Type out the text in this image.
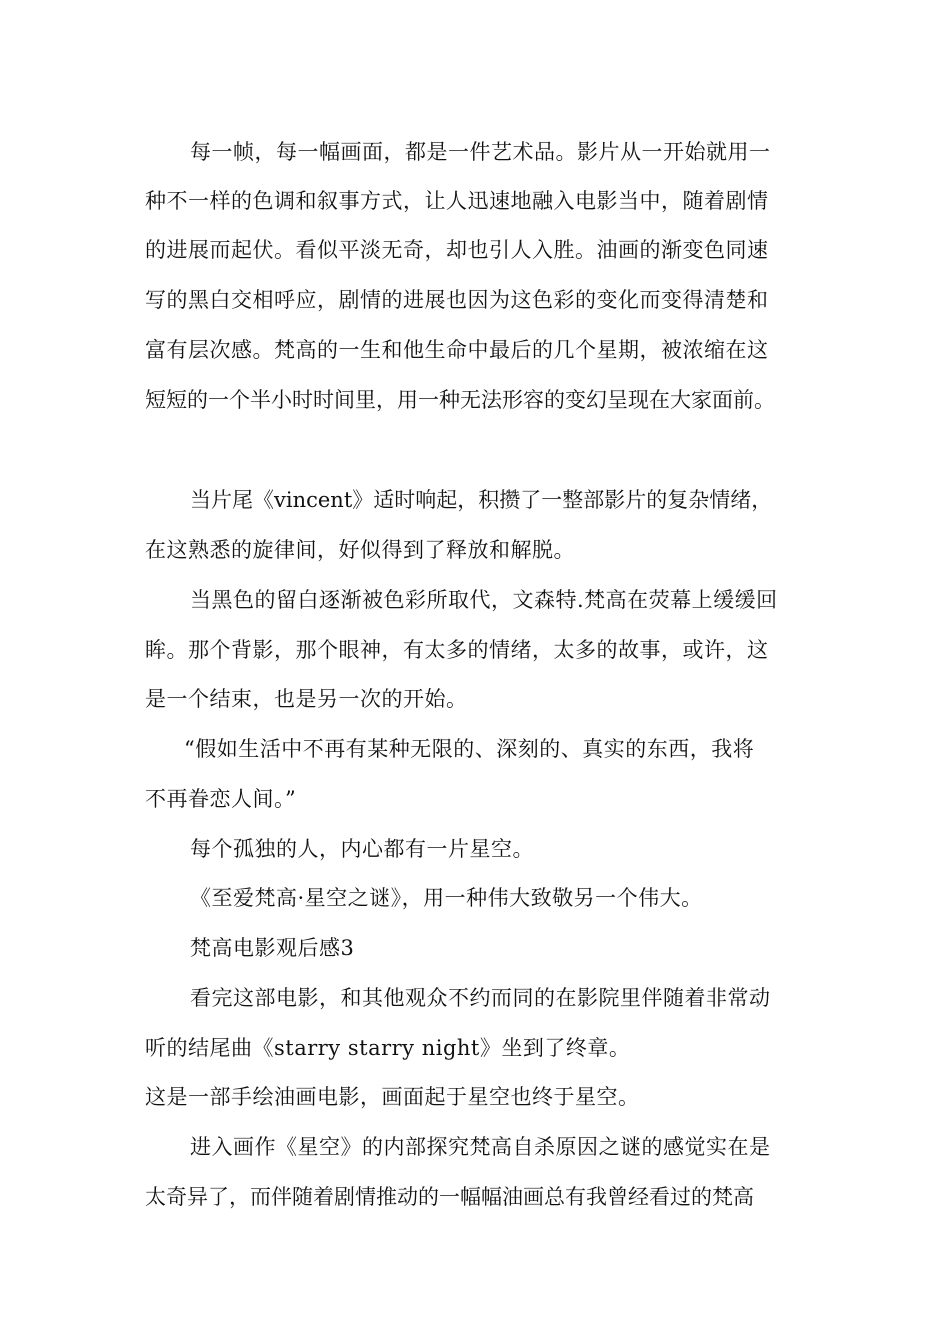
每一帧，每一幅画面，都是一件艺术品。影片从一开始就用一
种不一样的色调和叙事方式，让人迅速地融入电影当中，随着剧情
的进展而起伏。看似平淡无奇，却也引人入胜。油画的渐变色同速
写的黑白交相呼应，剧情的进展也因为这色彩的变化而变得清楚和
富有层次感。梵高的一生和他生命中最后的几个星期，被浓缩在这
短短的一个半小时时间里，用一种无法形容的变幻呈现在大家面前。
当片尾《vincent》适时响起，积攒了一整部影片的复杂情绪，
在这熟悉的旋律间，好似得到了释放和解脱。
当黑色的留白逐渐被色彩所取代，文森特.梵高在荧幕上缓缓回
眸。那个背影，那个眼神，有太多的情绪，太多的故事，或许，这
是一个结束，也是另一次的开始。
“假如生活中不再有某种无限的、深刻的、真实的东西，我将
不再眷恋人间。”
每个孤独的人，内心都有一片星空。
《至爱梵高·星空之谜》，用一种伟大致敬另一个伟大。
梵高电影观后感3
看完这部电影，和其他观众不约而同的在影院里伴随着非常动
听的结尾曲《starry starry night》坐到了终章。
这是一部手绘油画电影，画面起于星空也终于星空。
进入画作《星空》的内部探究梵高自杀原因之谜的感觉实在是
太奇异了，而伴随着剧情推动的一幅幅油画总有我曾经看过的梵高
